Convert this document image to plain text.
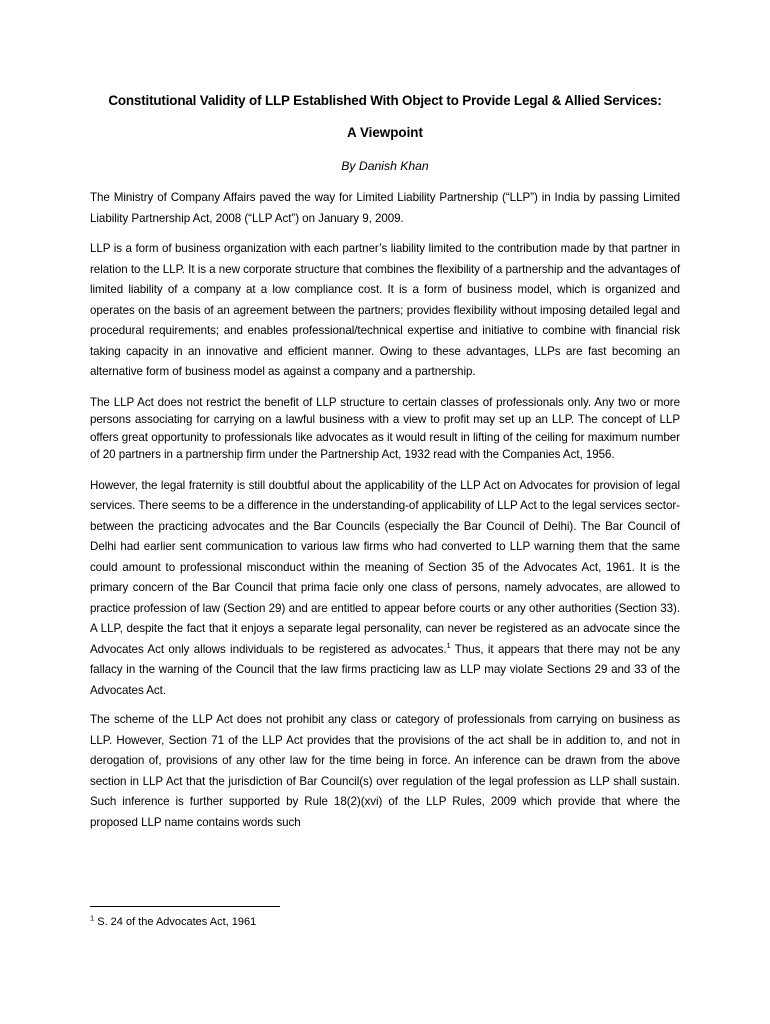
Constitutional Validity of LLP Established With Object to Provide Legal & Allied Services:
A Viewpoint
By Danish Khan

The Ministry of Company Affairs paved the way for Limited Liability Partnership (“LLP”) in India by passing Limited Liability Partnership Act, 2008 (“LLP Act”) on January 9, 2009.

LLP is a form of business organization with each partner’s liability limited to the contribution made by that partner in relation to the LLP. It is a new corporate structure that combines the flexibility of a partnership and the advantages of limited liability of a company at a low compliance cost. It is a form of business model, which is organized and operates on the basis of an agreement between the partners; provides flexibility without imposing detailed legal and procedural requirements; and enables professional/technical expertise and initiative to combine with financial risk taking capacity in an innovative and efficient manner. Owing to these advantages, LLPs are fast becoming an alternative form of business model as against a company and a partnership.

The LLP Act does not restrict the benefit of LLP structure to certain classes of professionals only. Any two or more persons associating for carrying on a lawful business with a view to profit may set up an LLP. The concept of LLP offers great opportunity to professionals like advocates as it would result in lifting of the ceiling for maximum number of 20 partners in a partnership firm under the Partnership Act, 1932 read with the Companies Act, 1956.

However, the legal fraternity is still doubtful about the applicability of the LLP Act on Advocates for provision of legal services. There seems to be a difference in the understanding-of applicability of LLP Act to the legal services sector-between the practicing advocates and the Bar Councils (especially the Bar Council of Delhi). The Bar Council of Delhi had earlier sent communication to various law firms who had converted to LLP warning them that the same could amount to professional misconduct within the meaning of Section 35 of the Advocates Act, 1961. It is the primary concern of the Bar Council that prima facie only one class of persons, namely advocates, are allowed to practice profession of law (Section 29) and are entitled to appear before courts or any other authorities (Section 33). A LLP, despite the fact that it enjoys a separate legal personality, can never be registered as an advocate since the Advocates Act only allows individuals to be registered as advocates.$^1$ Thus, it appears that there may not be any fallacy in the warning of the Council that the law firms practicing law as LLP may violate Sections 29 and 33 of the Advocates Act.

The scheme of the LLP Act does not prohibit any class or category of professionals from carrying on business as LLP. However, Section 71 of the LLP Act provides that the provisions of the act shall be in addition to, and not in derogation of, provisions of any other law for the time being in force. An inference can be drawn from the above section in LLP Act that the jurisdiction of Bar Council(s) over regulation of the legal profession as LLP shall sustain. Such inference is further supported by Rule 18(2)(xvi) of the LLP Rules, 2009 which provide that where the proposed LLP name contains words such

$^1$ S. 24 of the Advocates Act, 1961
